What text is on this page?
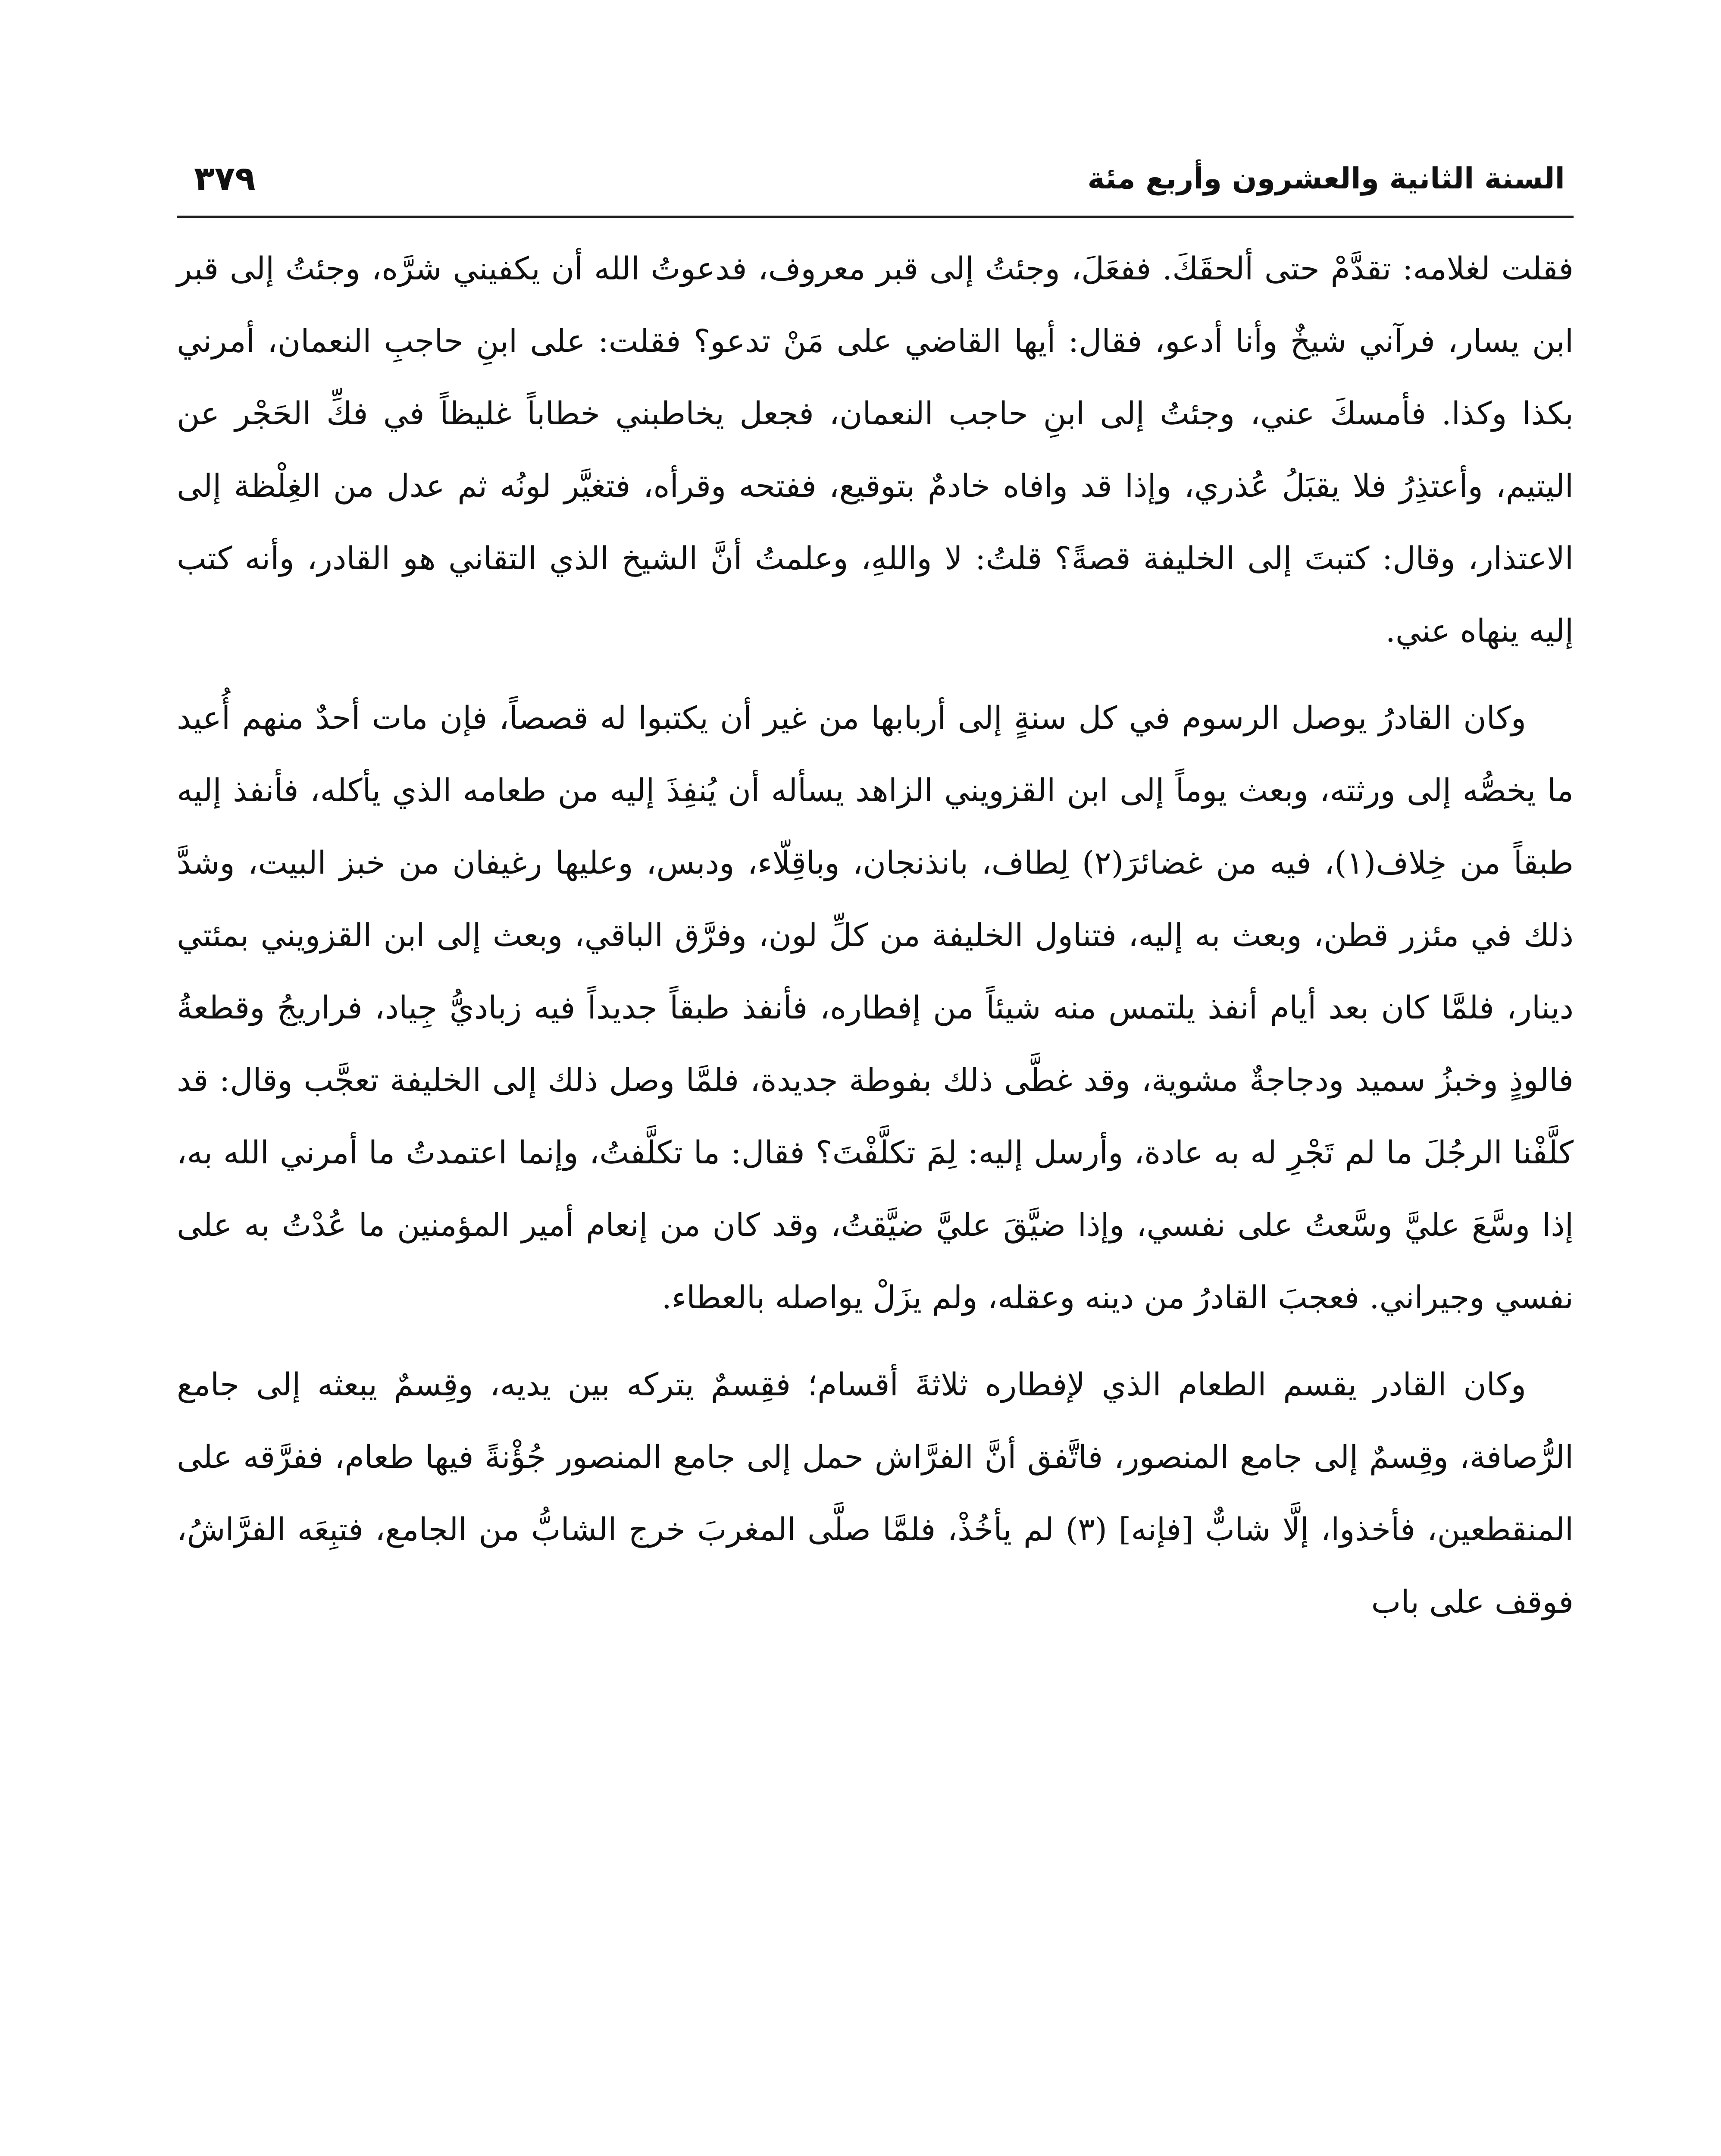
السنة الثانية والعشرون وأربع مئة
٣٧٩

فقلت لغلامه: تقدَّمْ حتى ألحقَكَ. ففعَلَ، وجئتُ إلى قبر معروف، فدعوتُ الله أن يكفيني شرَّه، وجئتُ إلى قبر ابن يسار، فرآني شيخٌ وأنا أدعو، فقال: أيها القاضي على مَنْ تدعو؟ فقلت: على ابنِ حاجبِ النعمان، أمرني بكذا وكذا. فأمسكَ عني، وجئتُ إلى ابنِ حاجب النعمان، فجعل يخاطبني خطاباً غليظاً في فكِّ الحَجْر عن اليتيم، وأعتذِرُ فلا يقبَلُ عُذري، وإذا قد وافاه خادمٌ بتوقيع، ففتحه وقرأه، فتغيَّر لونُه ثم عدل من الغِلْظة إلى الاعتذار، وقال: كتبتَ إلى الخليفة قصةً؟ قلتُ: لا واللهِ، وعلمتُ أنَّ الشيخ الذي التقاني هو القادر، وأنه كتب إليه ينهاه عني.

وكان القادرُ يوصل الرسوم في كل سنةٍ إلى أربابها من غير أن يكتبوا له قصصاً، فإن مات أحدٌ منهم أُعيد ما يخصُّه إلى ورثته، وبعث يوماً إلى ابن القزويني الزاهد يسأله أن يُنفِذَ إليه من طعامه الذي يأكله، فأنفذ إليه طبقاً من خِلاف(١)، فيه من غضائرَ(٢) لِطاف، بانذنجان، وباقِلّاء، ودبس، وعليها رغيفان من خبز البيت، وشدَّ ذلك في مئزر قطن، وبعث به إليه، فتناول الخليفة من كلِّ لون، وفرَّق الباقي، وبعث إلى ابن القزويني بمئتي دينار، فلمَّا كان بعد أيام أنفذ يلتمس منه شيئاً من إفطاره، فأنفذ طبقاً جديداً فيه زباديُّ جِياد، فراريجُ وقطعةُ فالوذٍ وخبزُ سميد ودجاجةٌ مشوية، وقد غطَّى ذلك بفوطة جديدة، فلمَّا وصل ذلك إلى الخليفة تعجَّب وقال: قد كلَّفْنا الرجُلَ ما لم تَجْرِ له به عادة، وأرسل إليه: لِمَ تكلَّفْتَ؟ فقال: ما تكلَّفتُ، وإنما اعتمدتُ ما أمرني الله به، إذا وسَّعَ عليَّ وسَّعتُ على نفسي، وإذا ضيَّقَ عليَّ ضيَّقتُ، وقد كان من إنعام أمير المؤمنين ما عُدْتُ به على نفسي وجيراني. فعجبَ القادرُ من دينه وعقله، ولم يزَلْ يواصله بالعطاء.

وكان القادر يقسم الطعام الذي لإفطاره ثلاثةَ أقسام؛ فقِسمٌ يتركه بين يديه، وقِسمٌ يبعثه إلى جامع الرُّصافة، وقِسمٌ إلى جامع المنصور، فاتَّفق أنَّ الفرَّاش حمل إلى جامع المنصور جُؤْنةً فيها طعام، ففرَّقه على المنقطعين، فأخذوا، إلَّا شابٌّ [فإنه] (٣) لم يأخُذْ، فلمَّا صلَّى المغربَ خرج الشابُّ من الجامع، فتبِعَه الفرَّاشُ، فوقف على باب
